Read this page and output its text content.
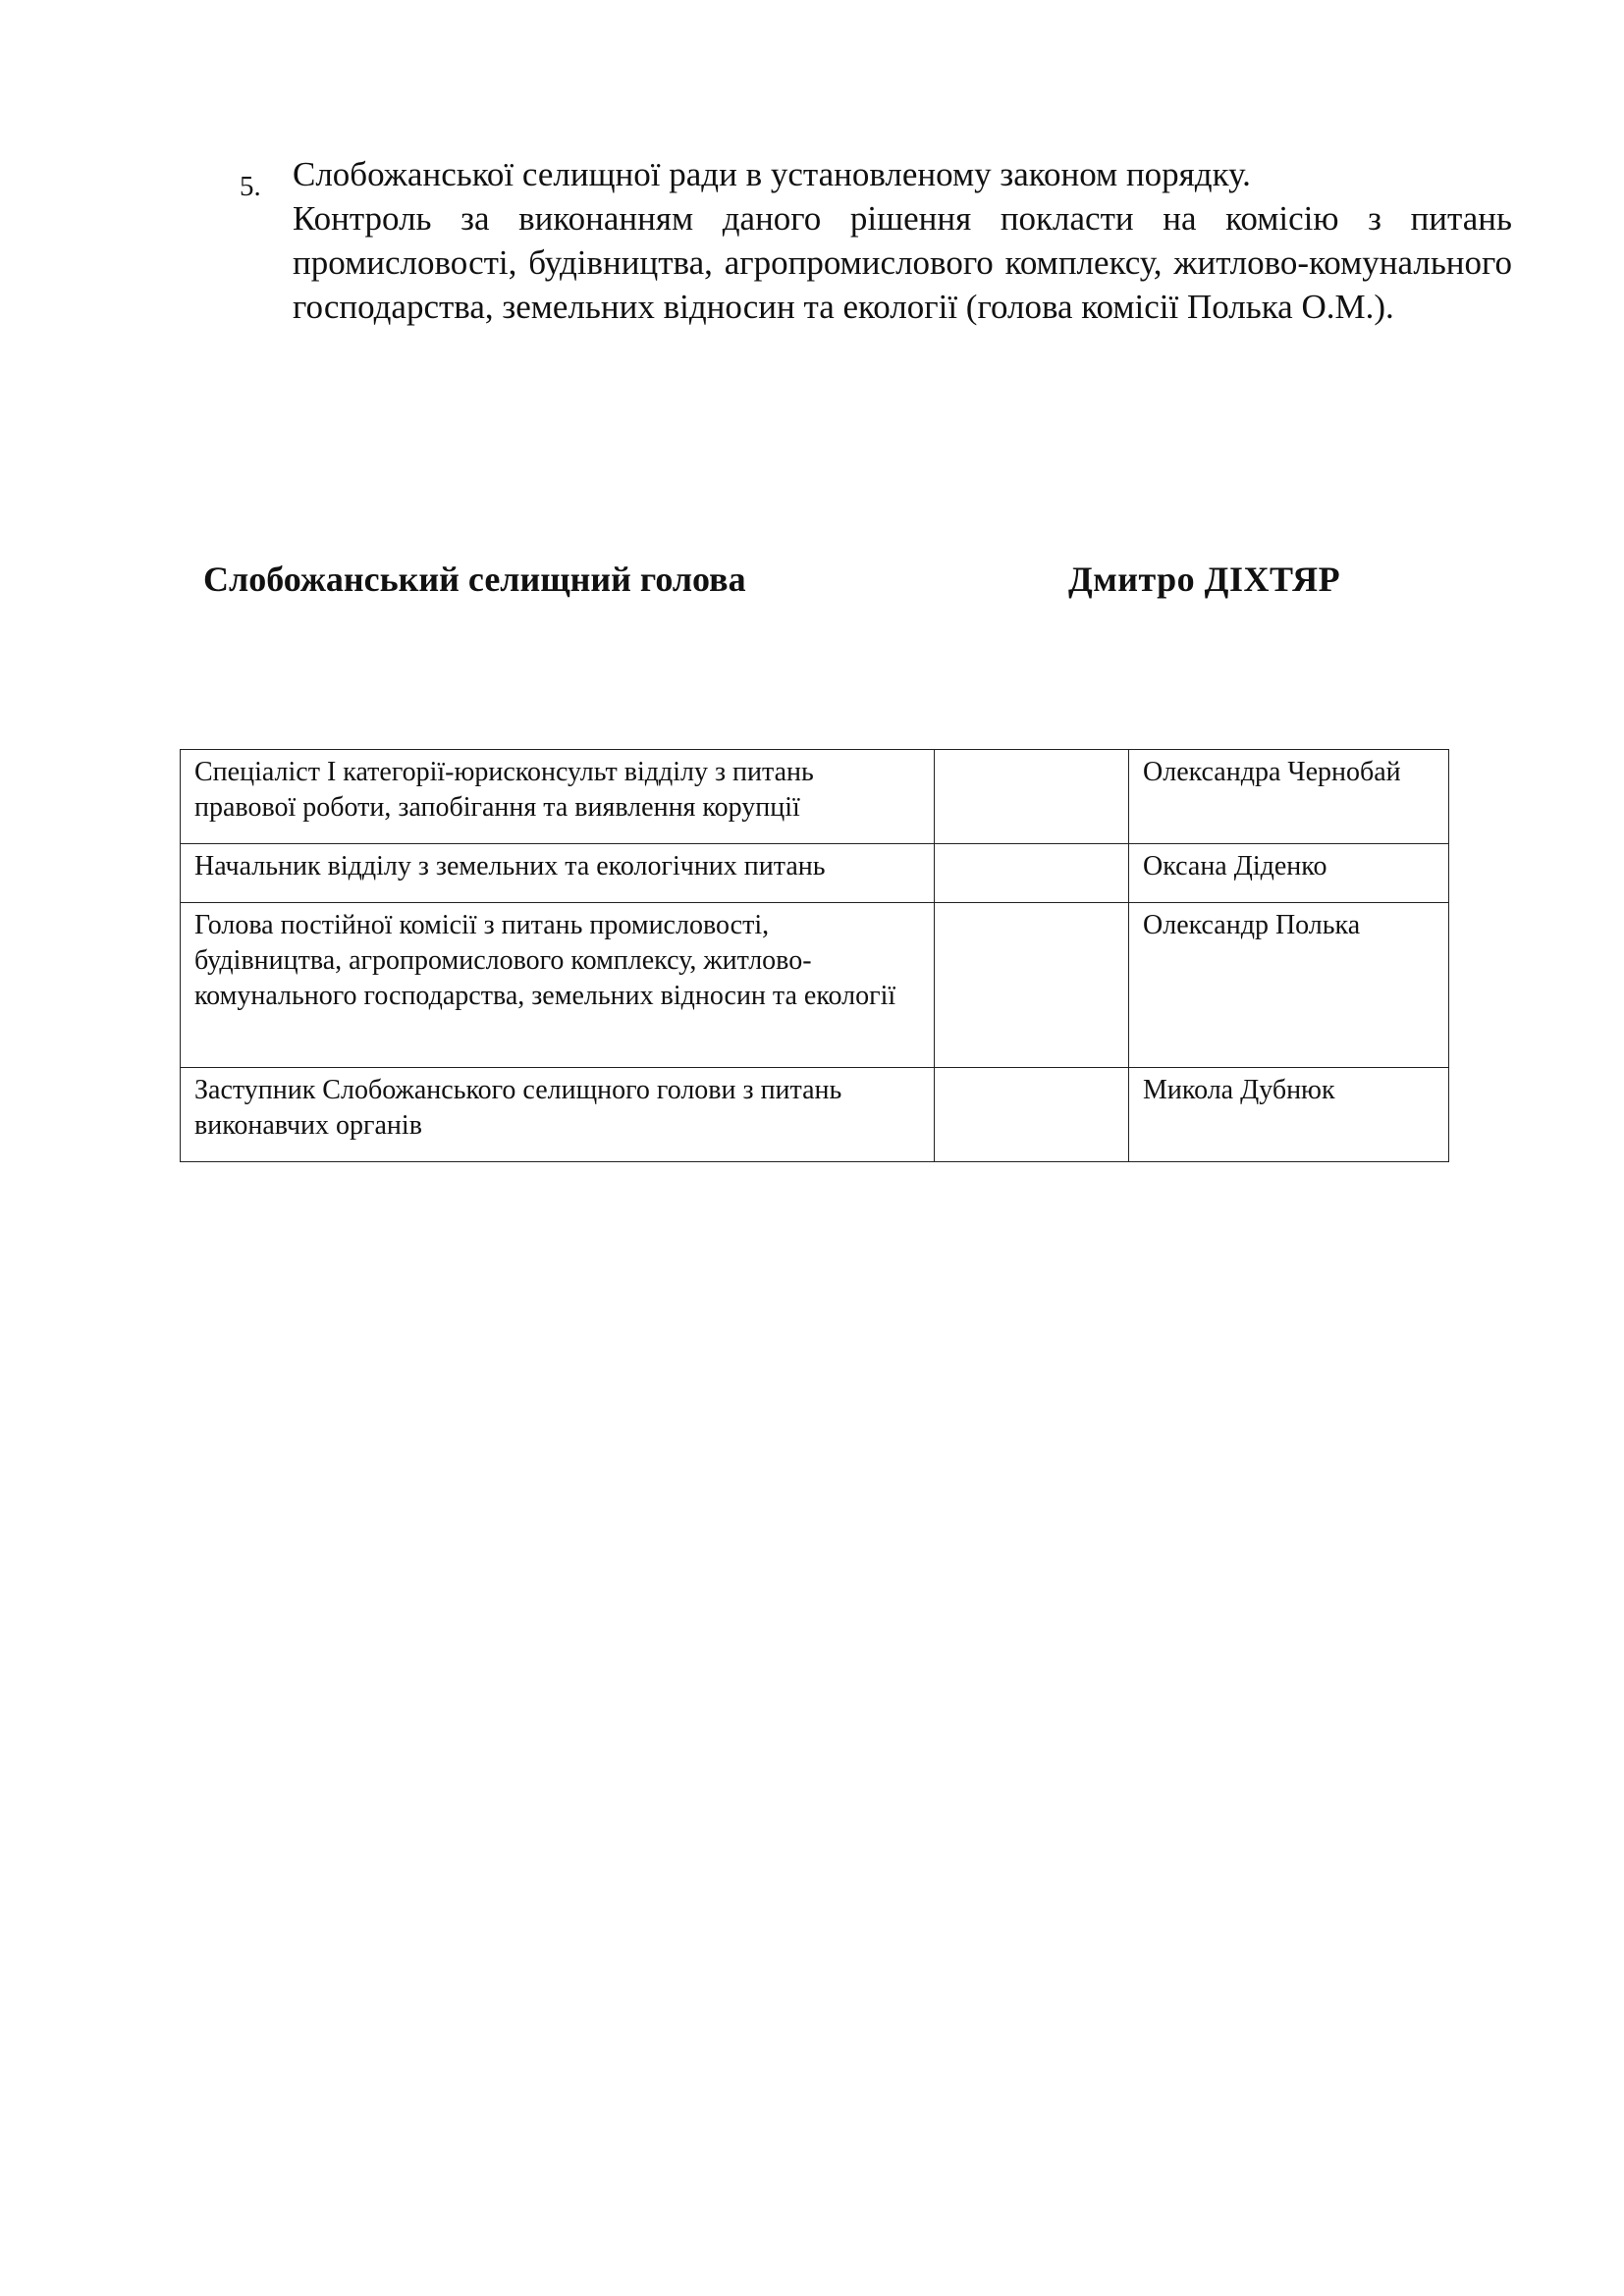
Слобожанської селищної ради в установленому законом порядку.

5.

Контроль за виконанням даного рішення покласти на комісію з питань промисловості, будівництва, агропромислового комплексу, житлово-комунального господарства, земельних відносин та екології (голова комісії Полька О.М.).

Слобожанський селищний голова	Дмитро ДІХТЯР
Спеціаліст І категорії-юрисконсульт відділу з питань правової роботи, запобігання та виявлення корупції		Олександра Чернобай
Начальник відділу з земельних та екологічних питань		Оксана Діденко
Голова постійної комісії з питань промисловості, будівництва, агропромислового комплексу, житлово-комунального господарства, земельних відносин та екології		Олександр Полька
Заступник Слобожанського селищного голови з питань виконавчих органів		Микола Дубнюк
